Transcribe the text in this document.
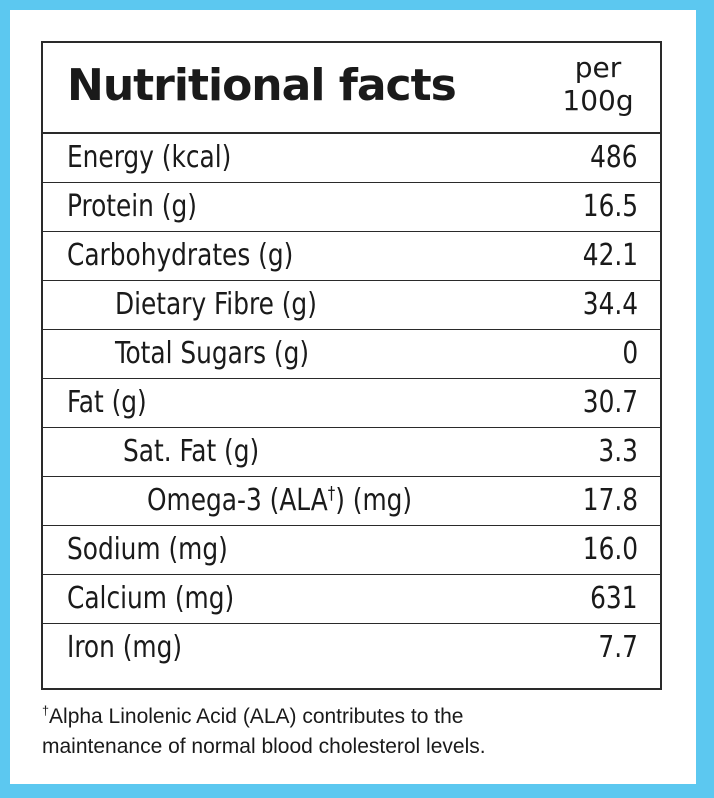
Nutritional facts	per
100g
Energy (kcal)	486
Protein (g)	16.5
Carbohydrates (g)	42.1
Dietary Fibre (g)	34.4
Total Sugars (g)	0
Fat (g)	30.7
Sat. Fat (g)	3.3
Omega-3 (ALA†) (mg)	17.8
Sodium (mg)	16.0
Calcium (mg)	631
Iron (mg)	7.7
†Alpha Linolenic Acid (ALA) contributes to the
maintenance of normal blood cholesterol levels.
